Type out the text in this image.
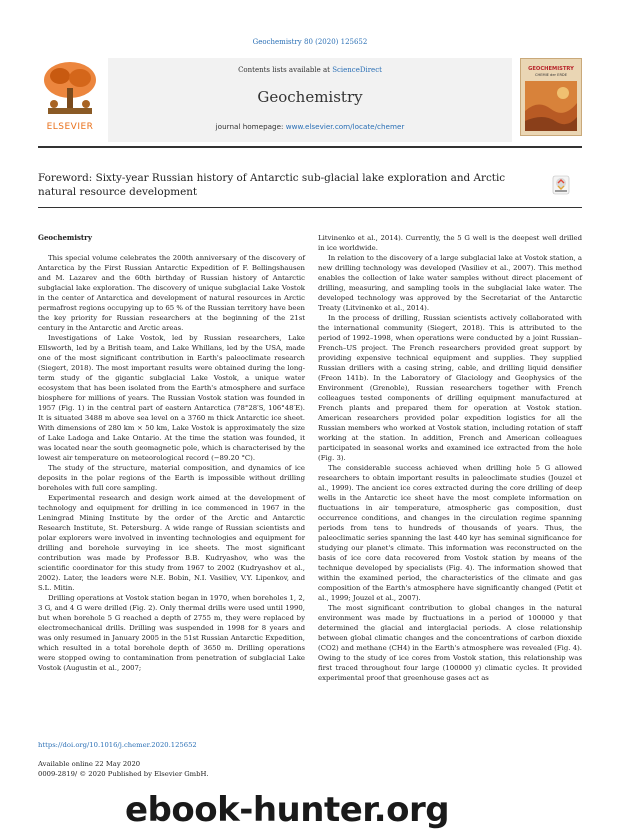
Geochemistry 80 (2020) 125652
ELSEVIER
Contents lists available at ScienceDirect
Geochemistry
journal homepage: www.elsevier.com/locate/chemer
GEOCHEMISTRY
CHEMIE der ERDE
Foreword: Sixty-year Russian history of Antarctic sub-glacial lake exploration and Arctic natural resource development

Geochemistry

This special volume celebrates the 200th anniversary of the discovery of Antarctica by the First Russian Antarctic Expedition of F. Bellingshausen and M. Lazarev and the 60th birthday of Russian history of Antarctic subglacial lake exploration. The discovery of unique subglacial Lake Vostok in the center of Antarctica and development of natural resources in Arctic permafrost regions occupying up to 65 % of the Russian territory have been the key priority for Russian researchers at the beginning of the 21st century in the Antarctic and Arctic areas.

Investigations of Lake Vostok, led by Russian researchers, Lake Ellsworth, led by a British team, and Lake Whillans, led by the USA, made one of the most significant contribution in Earth's paleoclimate research (Siegert, 2018). The most important results were obtained during the long-term study of the gigantic subglacial Lake Vostok, a unique water ecosystem that has been isolated from the Earth's atmosphere and surface biosphere for millions of years. The Russian Vostok station was founded in 1957 (Fig. 1) in the central part of eastern Antarctica (78°28′S, 106°48′E). It is situated 3488 m above sea level on a 3760 m thick Antarctic ice sheet. With dimensions of 280 km × 50 km, Lake Vostok is approximately the size of Lake Ladoga and Lake Ontario. At the time the station was founded, it was located near the south geomagnetic pole, which is characterised by the lowest air temperature on meteorological record (−89.20 °C).

The study of the structure, material composition, and dynamics of ice deposits in the polar regions of the Earth is impossible without drilling boreholes with full core sampling.

Experimental research and design work aimed at the development of technology and equipment for drilling in ice commenced in 1967 in the Leningrad Mining Institute by the order of the Arctic and Antarctic Research Institute, St. Petersburg. A wide range of Russian scientists and polar explorers were involved in inventing technologies and equipment for drilling and borehole surveying in ice sheets. The most significant contribution was made by Professor B.B. Kudryashov, who was the scientific coordinator for this study from 1967 to 2002 (Kudryashov et al., 2002). Later, the leaders were N.E. Bobin, N.I. Vasiliev, V.Y. Lipenkov, and S.L. Mitin.

Drilling operations at Vostok station began in 1970, when boreholes 1, 2, 3 G, and 4 G were drilled (Fig. 2). Only thermal drills were used until 1990, but when borehole 5 G reached a depth of 2755 m, they were replaced by electromechanical drills. Drilling was suspended in 1998 for 8 years and was only resumed in January 2005 in the 51st Russian Antarctic Expedition, which resulted in a total borehole depth of 3650 m. Drilling operations were stopped owing to contamination from penetration of subglacial Lake Vostok (Augustin et al., 2007;

Litvinenko et al., 2014). Currently, the 5 G well is the deepest well drilled in ice worldwide.

In relation to the discovery of a large subglacial lake at Vostok station, a new drilling technology was developed (Vasiliev et al., 2007). This method enables the collection of lake water samples without direct placement of drilling, measuring, and sampling tools in the subglacial lake water. The developed technology was approved by the Secretariat of the Antarctic Treaty (Litvinenko et al., 2014).

In the process of drilling, Russian scientists actively collaborated with the international community (Siegert, 2018). This is attributed to the period of 1992–1998, when operations were conducted by a joint Russian–French–US project. The French researchers provided great support by providing expensive technical equipment and supplies. They supplied Russian drillers with a casing string, cable, and drilling liquid densifier (Freon 141b). In the Laboratory of Glaciology and Geophysics of the Environment (Grenoble), Russian researchers together with French colleagues tested components of drilling equipment manufactured at French plants and prepared them for operation at Vostok station. American researchers provided polar expedition logistics for all the Russian members who worked at Vostok station, including rotation of staff working at the station. In addition, French and American colleagues participated in seasonal works and examined ice extracted from the hole (Fig. 3).

The considerable success achieved when drilling hole 5 G allowed researchers to obtain important results in paleoclimate studies (Jouzel et al., 1999). The ancient ice cores extracted during the core drilling of deep wells in the Antarctic ice sheet have the most complete information on fluctuations in air temperature, atmospheric gas composition, dust occurrence conditions, and changes in the circulation regime spanning periods from tens to hundreds of thousands of years. Thus, the paleoclimatic series spanning the last 440 kyr has seminal significance for studying our planet's climate. This information was reconstructed on the basis of ice core data recovered from Vostok station by means of the technique developed by specialists (Fig. 4). The information showed that within the examined period, the characteristics of the climate and gas composition of the Earth's atmosphere have significantly changed (Petit et al., 1999; Jouzel et al., 2007).

The most significant contribution to global changes in the natural environment was made by fluctuations in a period of 100000 y that determined the glacial and interglacial periods. A close relationship between global climatic changes and the concentrations of carbon dioxide (CO2) and methane (CH4) in the Earth's atmosphere was revealed (Fig. 4). Owing to the study of ice cores from Vostok station, this relationship was first traced throughout four large (100000 y) climatic cycles. It provided experimental proof that greenhouse gases act as

https://doi.org/10.1016/j.chemer.2020.125652
Available online 22 May 2020
0009-2819/ © 2020 Published by Elsevier GmbH.
ebook-hunter.org
